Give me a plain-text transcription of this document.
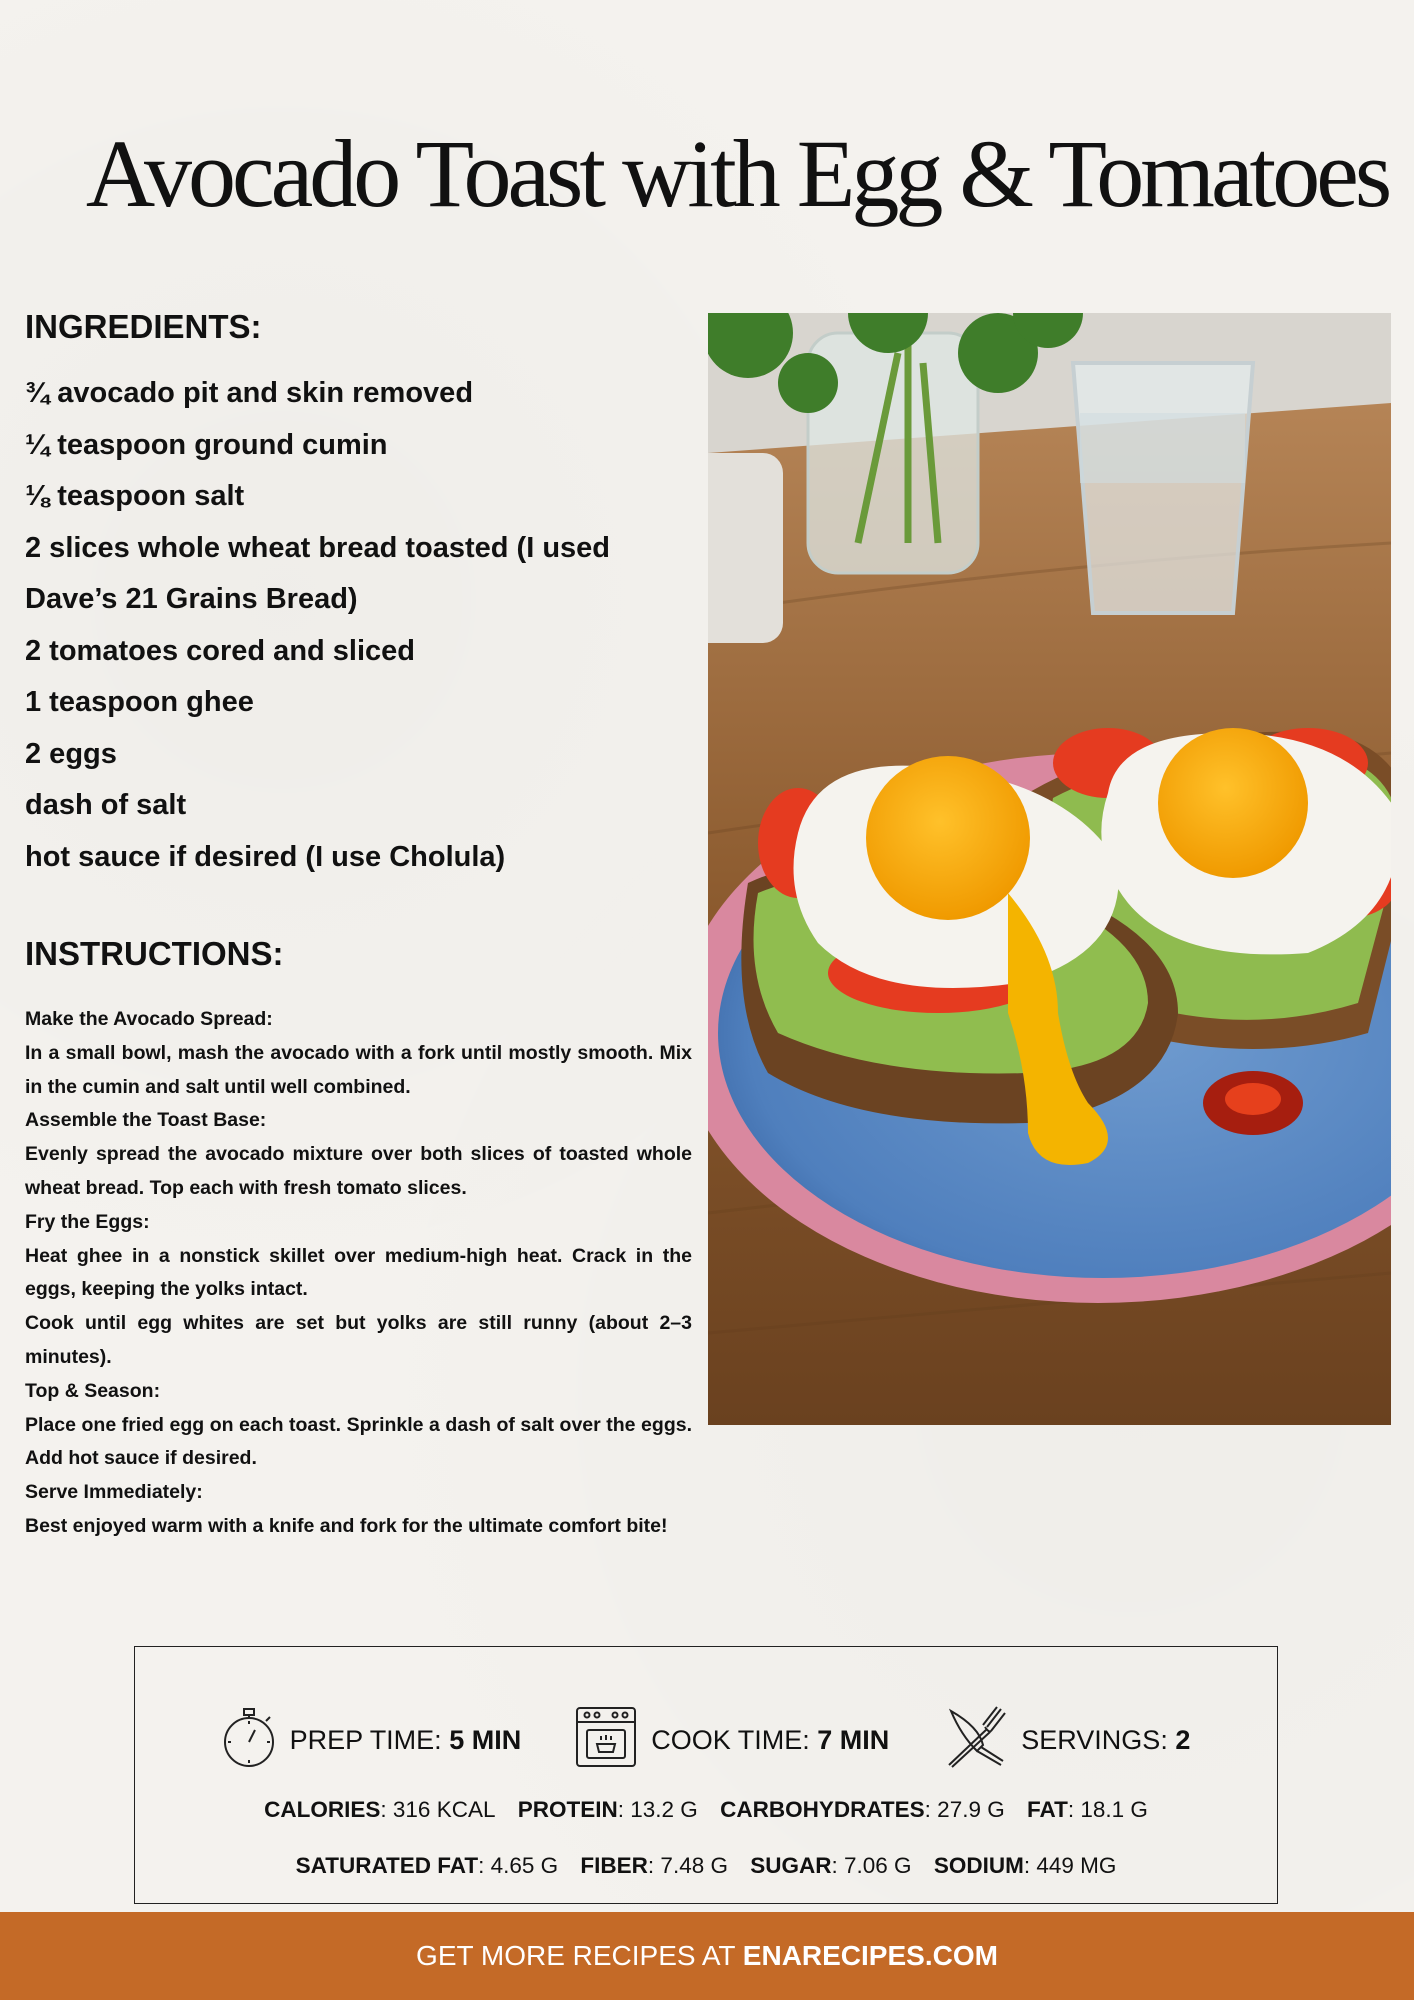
Avocado Toast with Egg & Tomatoes
INGREDIENTS:
¾ avocado pit and skin removed
¼ teaspoon ground cumin
⅛ teaspoon salt
2 slices whole wheat bread toasted (I used Dave’s 21 Grains Bread)
2 tomatoes cored and sliced
1 teaspoon ghee
2 eggs
dash of salt
hot sauce if desired (I use Cholula)
INSTRUCTIONS:
Make the Avocado Spread:
In a small bowl, mash the avocado with a fork until mostly smooth. Mix in the cumin and salt until well combined.
Assemble the Toast Base:
Evenly spread the avocado mixture over both slices of toasted whole wheat bread. Top each with fresh tomato slices.
Fry the Eggs:
Heat ghee in a nonstick skillet over medium-high heat. Crack in the eggs, keeping the yolks intact.
Cook until egg whites are set but yolks are still runny (about 2–3 minutes).
Top & Season:
Place one fried egg on each toast. Sprinkle a dash of salt over the eggs. Add hot sauce if desired.
Serve Immediately:
Best enjoyed warm with a knife and fork for the ultimate comfort bite!
PREP TIME: 5 MIN	COOK TIME: 7 MIN	SERVINGS: 2
CALORIES: 316 KCAL PROTEIN: 13.2 G CARBOHYDRATES: 27.9 G FAT: 18.1 G
SATURATED FAT: 4.65 G FIBER: 7.48 G SUGAR: 7.06 G SODIUM: 449 MG
GET MORE RECIPES AT ENARECIPES.COM
